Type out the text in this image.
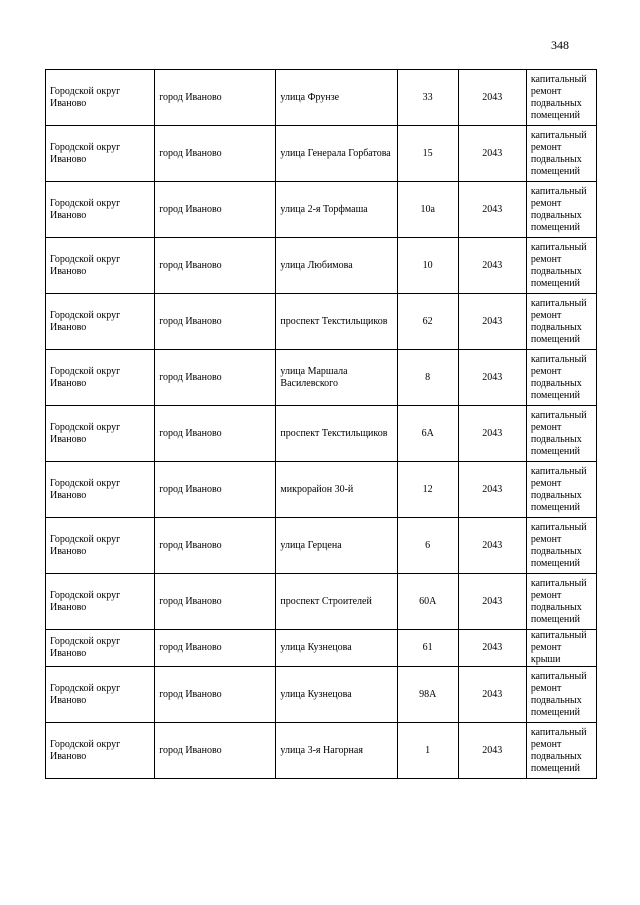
348
Городской округ Иваново	город Иваново	улица Фрунзе	33	2043	капитальный ремонт подвальных помещений
Городской округ Иваново	город Иваново	улица Генерала Горбатова	15	2043	капитальный ремонт подвальных помещений
Городской округ Иваново	город Иваново	улица 2-я Торфмаша	10а	2043	капитальный ремонт подвальных помещений
Городской округ Иваново	город Иваново	улица Любимова	10	2043	капитальный ремонт подвальных помещений
Городской округ Иваново	город Иваново	проспект Текстильщиков	62	2043	капитальный ремонт подвальных помещений
Городской округ Иваново	город Иваново	улица Маршала Василевского	8	2043	капитальный ремонт подвальных помещений
Городской округ Иваново	город Иваново	проспект Текстильщиков	6А	2043	капитальный ремонт подвальных помещений
Городской округ Иваново	город Иваново	микрорайон 30-й	12	2043	капитальный ремонт подвальных помещений
Городской округ Иваново	город Иваново	улица Герцена	6	2043	капитальный ремонт подвальных помещений
Городской округ Иваново	город Иваново	проспект Строителей	60А	2043	капитальный ремонт подвальных помещений
Городской округ Иваново	город Иваново	улица Кузнецова	61	2043	капитальный ремонт крыши
Городской округ Иваново	город Иваново	улица Кузнецова	98А	2043	капитальный ремонт подвальных помещений
Городской округ Иваново	город Иваново	улица 3-я Нагорная	1	2043	капитальный ремонт подвальных помещений
